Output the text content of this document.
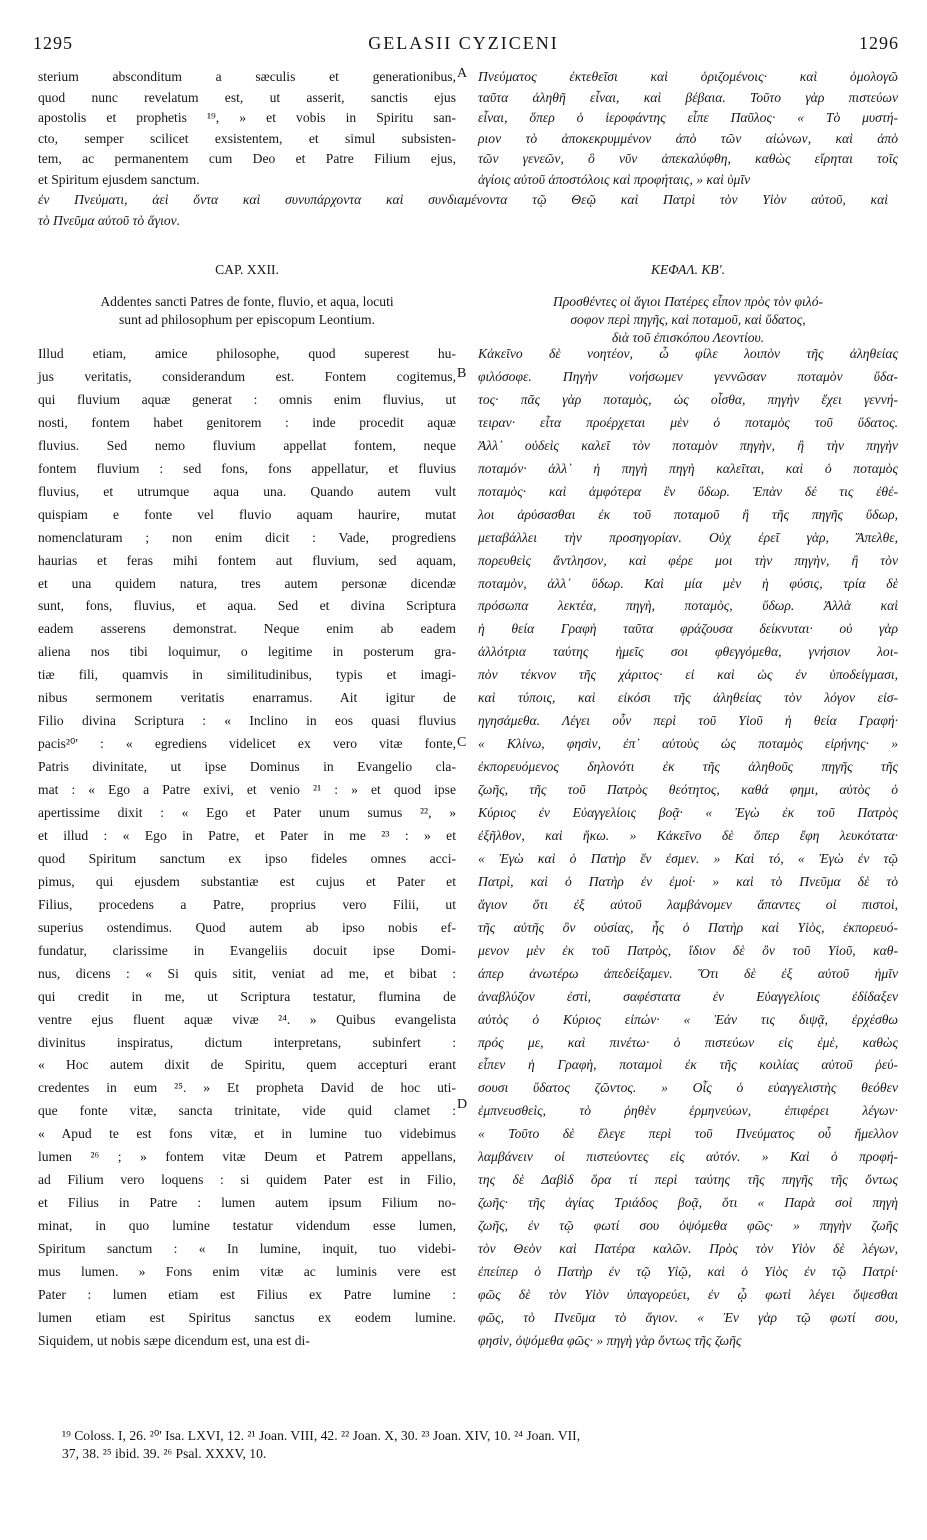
GELASII CYZICENI
1295	1296
sterium absconditum a sæculis et generationibus,
quod nunc revelatum est, ut asserit, sanctis ejus
apostolis et prophetis ¹⁹, » et vobis in Spiritu san-
cto, semper scilicet exsistentem, et simul subsisten-
tem, ac permanentem cum Deo et Patre Filium ejus,
et Spiritum ejusdem sanctum.
Πνεύματος ἐκτεθεῖσι καὶ ὁριζομένοις· καὶ ὁμολογῶ
ταῦτα ἀληθῆ εἶναι, καὶ βέβαια. Τοῦτο γὰρ πιστεύων
εἶναι, ὅπερ ὁ ἱεροφάντης εἶπε Παῦλος· « Τὸ μυστή-
ριον τὸ ἀποκεκρυμμένον ἀπὸ τῶν αἰώνων, καὶ ἀπὸ
τῶν γενεῶν, ὃ νῦν ἀπεκαλύφθη, καθὼς εἴρηται τοῖς
ἁγίοις αὐτοῦ ἀποστόλοις καὶ προφήταις, » καὶ ὑμῖν
ἐν Πνεύματι, ἀεὶ ὄντα καὶ συνυπάρχοντα καὶ συνδιαμένοντα τῷ Θεῷ καὶ Πατρὶ τὸν Υἱὸν αὐτοῦ, καὶ
τὸ Πνεῦμα αὐτοῦ τὸ ἅγιον.
CAP. XXII.	ΚΕΦΑΛ. ΚΒ'.
Addentes sancti Patres de fonte, fluvio, et aqua, locuti
sunt ad philosophum per episcopum Leontium.
Προσθέντες οἱ ἅγιοι Πατέρες εἶπον πρὸς τὸν φιλό-
σοφον περὶ πηγῆς, καὶ ποταμοῦ, καὶ ὕδατος,
διὰ τοῦ ἐπισκόπου Λεοντίου.
Illud etiam, amice philosophe, quod superest hu-
jus veritatis, considerandum est. Fontem cogitemus,
qui fluvium aquæ generat : omnis enim fluvius, ut
nosti, fontem habet genitorem : inde procedit aquæ
fluvius. Sed nemo fluvium appellat fontem, neque
fontem fluvium : sed fons, fons appellatur, et fluvius
fluvius, et utrumque aqua una. Quando autem vult
quispiam e fonte vel fluvio aquam haurire, mutat
nomenclaturam ; non enim dicit : Vade, progrediens
haurias et feras mihi fontem aut fluvium, sed aquam,
et una quidem natura, tres autem personæ dicendæ
sunt, fons, fluvius, et aqua. Sed et divina Scriptura
eadem asserens demonstrat. Neque enim ab eadem
aliena nos tibi loquimur, o legitime in posterum gra-
tiæ fili, quamvis in similitudinibus, typis et imagi-
nibus sermonem veritatis enarramus. Ait igitur de
Filio divina Scriptura : « Inclino in eos quasi fluvius
pacis²⁰' : « egrediens videlicet ex vero vitæ fonte,
Patris divinitate, ut ipse Dominus in Evangelio cla-
mat : « Ego a Patre exivi, et venio ²¹ : » et quod ipse
apertissime dixit : « Ego et Pater unum sumus ²², »
et illud : « Ego in Patre, et Pater in me ²³ : » et
quod Spiritum sanctum ex ipso fideles omnes acci-
pimus, qui ejusdem substantiæ est cujus et Pater et
Filius, procedens a Patre, proprius vero Filii, ut
superius ostendimus. Quod autem ab ipso nobis ef-
fundatur, clarissime in Evangeliis docuit ipse Domi-
nus, dicens : « Si quis sitit, veniat ad me, et bibat :
qui credit in me, ut Scriptura testatur, flumina de
ventre ejus fluent aquæ vivæ ²⁴. » Quibus evangelista
divinitus inspiratus, dictum interpretans, subinfert :
« Hoc autem dixit de Spiritu, quem accepturi erant
credentes in eum ²⁵. » Et propheta David de hoc uti-
que fonte vitæ, sancta trinitate, vide quid clamet :
« Apud te est fons vitæ, et in lumine tuo videbimus
lumen ²⁶ ; » fontem vitæ Deum et Patrem appellans,
ad Filium vero loquens : si quidem Pater est in Filio,
et Filius in Patre : lumen autem ipsum Filium no-
minat, in quo lumine testatur videndum esse lumen,
Spiritum sanctum : « In lumine, inquit, tuo videbi-
mus lumen. » Fons enim vitæ ac luminis vere est
Pater : lumen etiam est Filius ex Patre lumine :
lumen etiam est Spiritus sanctus ex eodem lumine.
Siquidem, ut nobis sæpe dicendum est, una est di-
Κἀκεῖνο δὲ νοητέον, ὦ φίλε λοιπὸν τῆς ἀληθείας
φιλόσοφε. Πηγὴν νοήσωμεν γεννῶσαν ποταμὸν ὕδα-
τος· πᾶς γὰρ ποταμὸς, ὡς οἶσθα, πηγὴν ἔχει γεννή-
τειραν· εἶτα προέρχεται μὲν ὁ ποταμὸς τοῦ ὕδατος.
Ἀλλ᾽ οὐδεὶς καλεῖ τὸν ποταμὸν πηγὴν, ἢ τὴν πηγὴν
ποταμόν· ἀλλ᾽ ἡ πηγὴ πηγὴ καλεῖται, καὶ ὁ ποταμὸς
ποταμὸς· καὶ ἀμφότερα ἓν ὕδωρ. Ἐπὰν δέ τις ἐθέ-
λοι ἀρύσασθαι ἐκ τοῦ ποταμοῦ ἢ τῆς πηγῆς ὕδωρ,
μεταβάλλει τὴν προσηγορίαν. Οὐχ ἐρεῖ γὰρ, Ἄπελθε,
πορευθεὶς ἄντλησον, καὶ φέρε μοι τὴν πηγὴν, ἢ τὸν
ποταμὸν, ἀλλ᾽ ὕδωρ. Καὶ μία μὲν ἡ φύσις, τρία δὲ
πρόσωπα λεκτέα, πηγὴ, ποταμὸς, ὕδωρ. Ἀλλὰ καὶ
ἡ θεία Γραφὴ ταῦτα φράζουσα δείκνυται· οὐ γὰρ
ἀλλότρια ταύτης ἡμεῖς σοι φθεγγόμεθα, γνήσιον λοι-
πὸν τέκνον τῆς χάριτος· εἰ καὶ ὡς ἐν ὑποδείγμασι,
καὶ τύποις, καὶ εἰκόσι τῆς ἀληθείας τὸν λόγον εἰσ-
ηγησάμεθα. Λέγει οὖν περὶ τοῦ Υἱοῦ ἡ θεία Γραφή·
« Κλίνω, φησὶν, ἐπ᾽ αὐτοὺς ὡς ποταμὸς εἰρήνης· »
ἐκπορευόμενος δηλονότι ἐκ τῆς ἀληθοῦς πηγῆς τῆς
ζωῆς, τῆς τοῦ Πατρὸς θεότητος, καθά φημι, αὐτὸς ὁ
Κύριος ἐν Εὐαγγελίοις βοᾷ· « Ἐγὼ ἐκ τοῦ Πατρὸς
ἐξῆλθον, καὶ ἥκω. » Κἀκεῖνο δὲ ὅπερ ἔφη λευκότατα·
« Ἐγὼ καὶ ὁ Πατὴρ ἕν ἐσμεν. » Καὶ τό, « Ἐγὼ ἐν τῷ
Πατρὶ, καὶ ὁ Πατὴρ ἐν ἐμοί· » καὶ τὸ Πνεῦμα δὲ τὸ
ἅγιον ὅτι ἐξ αὐτοῦ λαμβάνομεν ἅπαντες οἱ πιστοὶ,
τῆς αὐτῆς ὂν οὐσίας, ἧς ὁ Πατὴρ καὶ Υἱὸς, ἐκπορευό-
μενον μὲν ἐκ τοῦ Πατρὸς, ἴδιον δὲ ὂν τοῦ Υἱοῦ, καθ-
άπερ ἀνωτέρω ἀπεδείξαμεν. Ὅτι δὲ ἐξ αὐτοῦ ἡμῖν
ἀναβλύζον ἐστὶ, σαφέστατα ἐν Εὐαγγελίοις ἐδίδαξεν
αὐτὸς ὁ Κύριος εἰπών· « Ἐάν τις διψᾷ, ἐρχέσθω
πρός με, καὶ πινέτω· ὁ πιστεύων εἰς ἐμὲ, καθὼς
εἶπεν ἡ Γραφὴ, ποταμοὶ ἐκ τῆς κοιλίας αὐτοῦ ῥεύ-
σουσι ὕδατος ζῶντος. » Οἷς ὁ εὐαγγελιστὴς θεόθεν
ἐμπνευσθεὶς, τὸ ῥηθὲν ἑρμηνεύων, ἐπιφέρει λέγων·
« Τοῦτο δὲ ἔλεγε περὶ τοῦ Πνεύματος οὗ ἤμελλον
λαμβάνειν οἱ πιστεύοντες εἰς αὐτόν. » Καὶ ὁ προφή-
της δὲ Δαβὶδ ὅρα τί περὶ ταύτης τῆς πηγῆς τῆς ὄντως
ζωῆς· τῆς ἁγίας Τριάδος βοᾷ, ὅτι « Παρὰ σοὶ πηγὴ
ζωῆς, ἐν τῷ φωτί σου ὀψόμεθα φῶς· » πηγὴν ζωῆς
τὸν Θεὸν καὶ Πατέρα καλῶν. Πρὸς τὸν Υἱὸν δὲ λέγων,
ἐπείπερ ὁ Πατὴρ ἐν τῷ Υἱῷ, καὶ ὁ Υἱὸς ἐν τῷ Πατρί·
φῶς δὲ τὸν Υἱὸν ὑπαγορεύει, ἐν ᾧ φωτὶ λέγει ὄψεσθαι
φῶς, τὸ Πνεῦμα τὸ ἅγιον. « Ἐν γὰρ τῷ φωτί σου,
φησὶν, ὀψόμεθα φῶς· » πηγὴ γὰρ ὄντως τῆς ζωῆς
A
B
C
D
¹⁹ Coloss. I, 26. ²⁰' Isa. LXVI, 12. ²¹ Joan. VIII, 42. ²² Joan. X, 30. ²³ Joan. XIV, 10. ²⁴ Joan. VII,
37, 38. ²⁵ ibid. 39. ²⁶ Psal. XXXV, 10.
